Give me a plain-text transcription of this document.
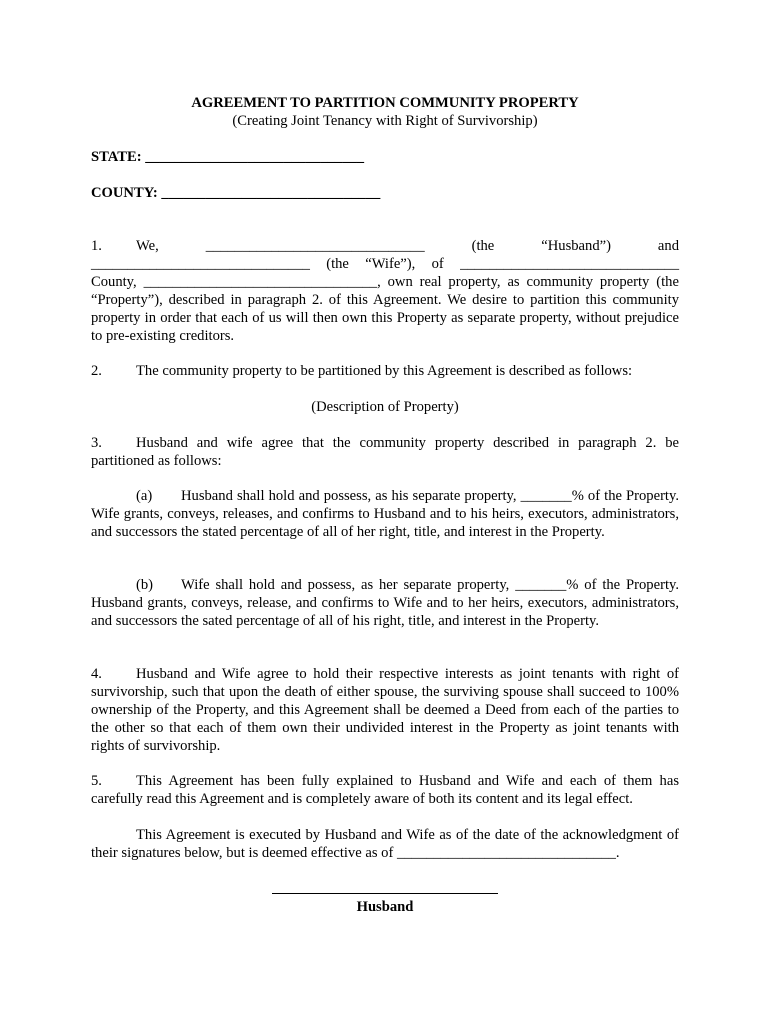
AGREEMENT TO PARTITION COMMUNITY PROPERTY

(Creating Joint Tenancy with Right of Survivorship)

STATE: ______________________________

COUNTY: ______________________________

1.	We,	______________________________	(the	“Husband”)	and
______________________________ (the “Wife”), of ______________________________
County, ________________________________, own real property, as community property (the
“Property”), described in paragraph 2. of this Agreement. We desire to partition this community property in order that each of us will then own this Property as separate property, without prejudice to pre-existing creditors.
2. The community property to be partitioned by this Agreement is described as follows:

(Description of Property)

3. Husband and wife agree that the community property described in paragraph 2. be partitioned as follows:
(a) Husband shall hold and possess, as his separate property, _______% of the Property. Wife grants, conveys, releases, and confirms to Husband and to his heirs, executors, administrators, and successors the stated percentage of all of her right, title, and interest in the Property.
(b) Wife shall hold and possess, as her separate property, _______% of the Property. Husband grants, conveys, release, and confirms to Wife and to her heirs, executors, administrators, and successors the sated percentage of all of his right, title, and interest in the Property.
4. Husband and Wife agree to hold their respective interests as joint tenants with right of survivorship, such that upon the death of either spouse, the surviving spouse shall succeed to 100% ownership of the Property, and this Agreement shall be deemed a Deed from each of the parties to the other so that each of them own their undivided interest in the Property as joint tenants with rights of survivorship.
5. This Agreement has been fully explained to Husband and Wife and each of them has carefully read this Agreement and is completely aware of both its content and its legal effect.
This Agreement is executed by Husband and Wife as of the date of the acknowledgment of their signatures below, but is deemed effective as of ______________________________.

Husband
